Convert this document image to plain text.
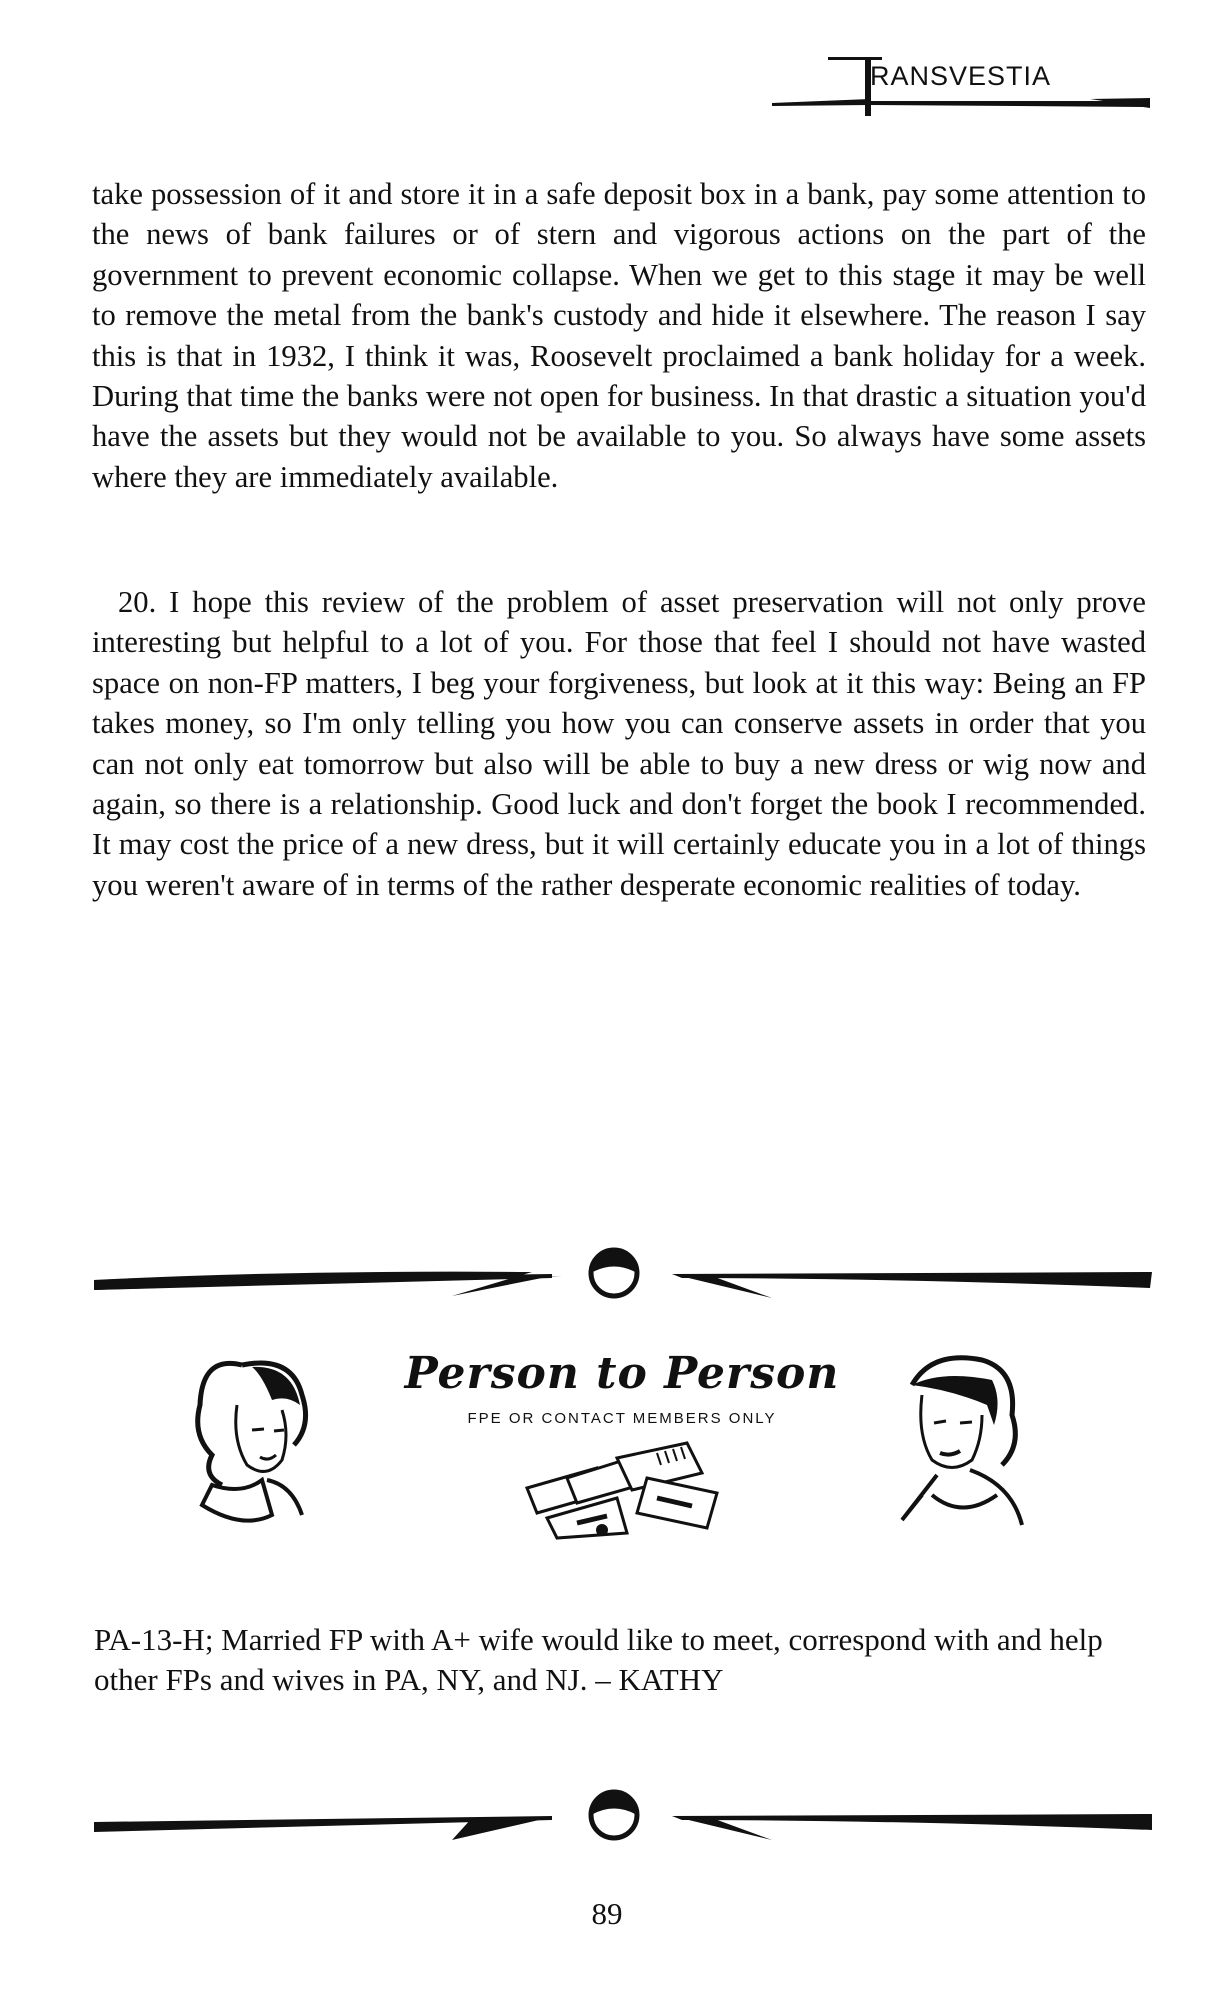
RANSVESTIA

take possession of it and store it in a safe deposit box in a bank, pay some attention to the news of bank failures or of stern and vigorous actions on the part of the government to prevent economic collapse. When we get to this stage it may be well to remove the metal from the bank's custody and hide it elsewhere. The reason I say this is that in 1932, I think it was, Roosevelt proclaimed a bank holiday for a week. During that time the banks were not open for business. In that drastic a situation you'd have the assets but they would not be available to you. So always have some assets where they are immediately available.

20. I hope this review of the problem of asset preservation will not only prove interesting but helpful to a lot of you. For those that feel I should not have wasted space on non-FP matters, I beg your forgiveness, but look at it this way: Being an FP takes money, so I'm only telling you how you can conserve assets in order that you can not only eat tomorrow but also will be able to buy a new dress or wig now and again, so there is a relationship. Good luck and don't forget the book I recommended. It may cost the price of a new dress, but it will certainly educate you in a lot of things you weren't aware of in terms of the rather desperate economic realities of today.

Person to Person
FPE OR CONTACT MEMBERS ONLY

PA-13-H; Married FP with A+ wife would like to meet, correspond with and help other FPs and wives in PA, NY, and NJ. – KATHY

89
